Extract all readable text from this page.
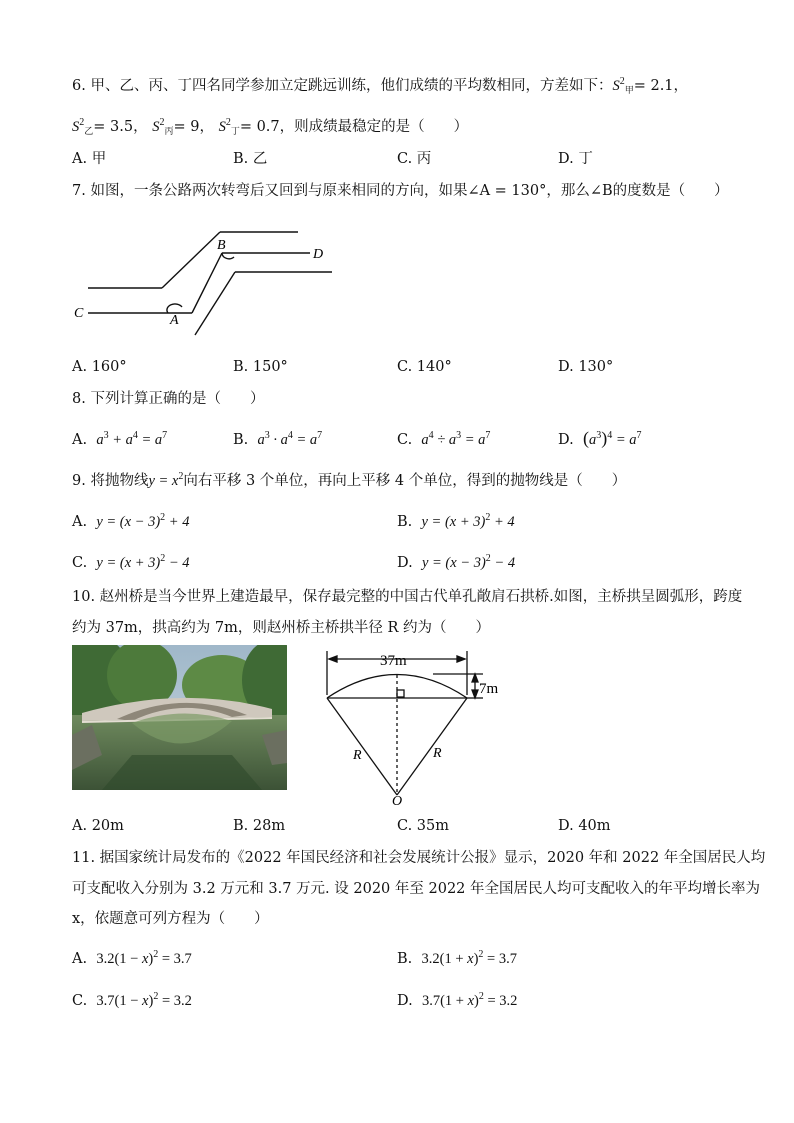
6. 甲、乙、丙、丁四名同学参加立定跳远训练，他们成绩的平均数相同，方差如下：$S^2_甲= 2.1$，
$S^2_乙= 3.5$， $S^2_丙= 9$， $S^2_丁= 0.7$，则成绩最稳定的是（　　）
A. 甲	B. 乙	C. 丙	D. 丁
7. 如图，一条公路两次转弯后又回到与原来相同的方向，如果∠A = 130°，那么∠B的度数是（　　）
B
D
C	A
A. 160°	B. 150°	C. 140°	D. 130°
8. 下列计算正确的是（　　）
A. $a^3 + a^4 = a^7$	B. $a^3 \cdot a^4 = a^7$	C. $a^4 \div a^3 = a^7$	D. $(a^3)^4 = a^7$
9. 将抛物线$y = x^2$向右平移 3 个单位，再向上平移 4 个单位，得到的抛物线是（　　）
A. $y = (x - 3)^2 + 4$	B. $y = (x + 3)^2 + 4$
C. $y = (x + 3)^2 - 4$	D. $y = (x - 3)^2 - 4$
10. 赵州桥是当今世界上建造最早，保存最完整的中国古代单孔敞肩石拱桥.如图，主桥拱呈圆弧形，跨度
约为 37m，拱高约为 7m，则赵州桥主桥拱半径 R 约为（　　）
37m
7m
R	R
O
A. 20m	B. 28m	C. 35m	D. 40m
11. 据国家统计局发布的《2022 年国民经济和社会发展统计公报》显示，2020 年和 2022 年全国居民人均
可支配收入分别为 3.2 万元和 3.7 万元. 设 2020 年至 2022 年全国居民人均可支配收入的年平均增长率为
x，依题意可列方程为（　　）
A. $3.2(1 - x)^2 = 3.7$	B. $3.2(1 + x)^2 = 3.7$
C. $3.7(1 - x)^2 = 3.2$	D. $3.7(1 + x)^2 = 3.2$
